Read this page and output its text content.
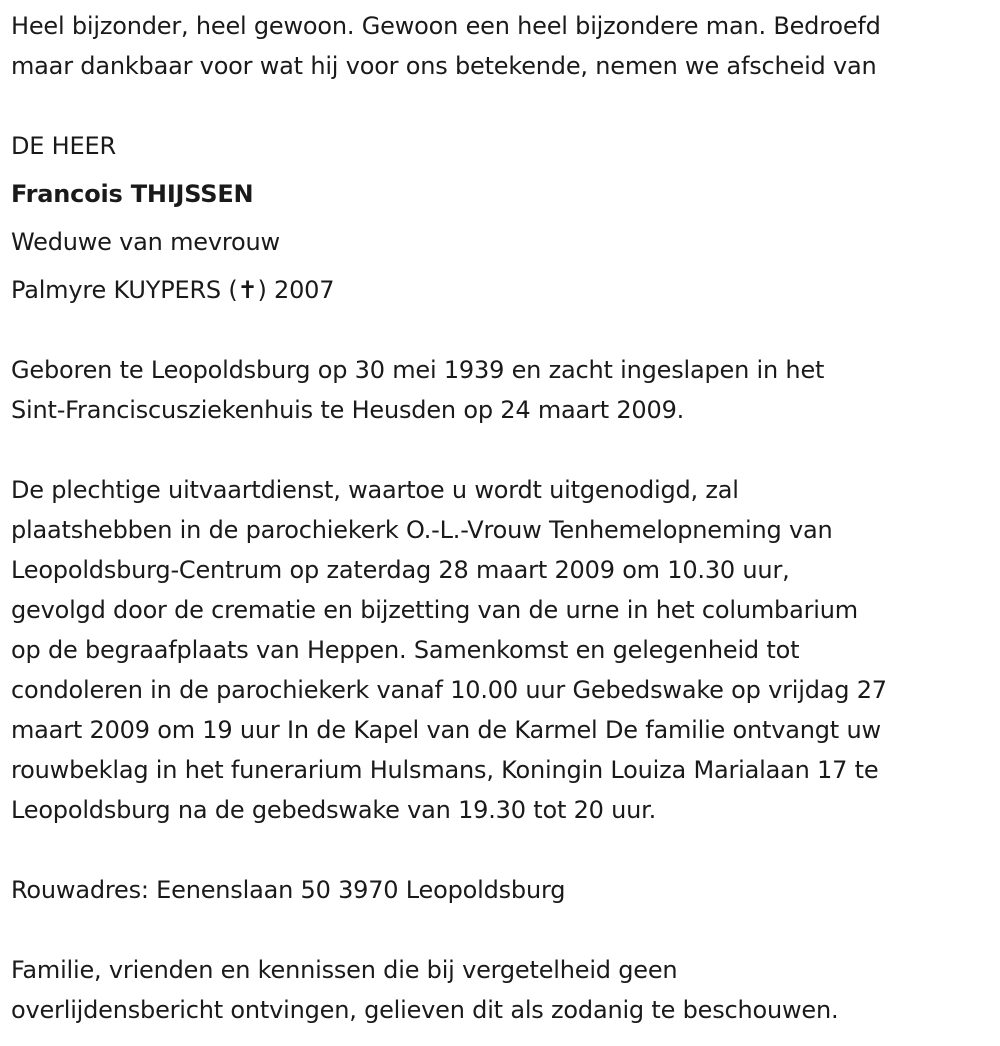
Heel bijzonder, heel gewoon. Gewoon een heel bijzondere man. Bedroefd
maar dankbaar voor wat hij voor ons betekende, nemen we afscheid van
DE HEER
Francois THIJSSEN
Weduwe van mevrouw
Palmyre KUYPERS (✝) 2007
Geboren te Leopoldsburg op 30 mei 1939 en zacht ingeslapen in het
Sint-Franciscusziekenhuis te Heusden op 24 maart 2009.
De plechtige uitvaartdienst, waartoe u wordt uitgenodigd, zal
plaatshebben in de parochiekerk O.-L.-Vrouw Tenhemelopneming van
Leopoldsburg-Centrum op zaterdag 28 maart 2009 om 10.30 uur,
gevolgd door de crematie en bijzetting van de urne in het columbarium
op de begraafplaats van Heppen. Samenkomst en gelegenheid tot
condoleren in de parochiekerk vanaf 10.00 uur Gebedswake op vrijdag 27
maart 2009 om 19 uur In de Kapel van de Karmel De familie ontvangt uw
rouwbeklag in het funerarium Hulsmans, Koningin Louiza Marialaan 17 te
Leopoldsburg na de gebedswake van 19.30 tot 20 uur.
Rouwadres: Eenenslaan 50 3970 Leopoldsburg
Familie, vrienden en kennissen die bij vergetelheid geen
overlijdensbericht ontvingen, gelieven dit als zodanig te beschouwen.
